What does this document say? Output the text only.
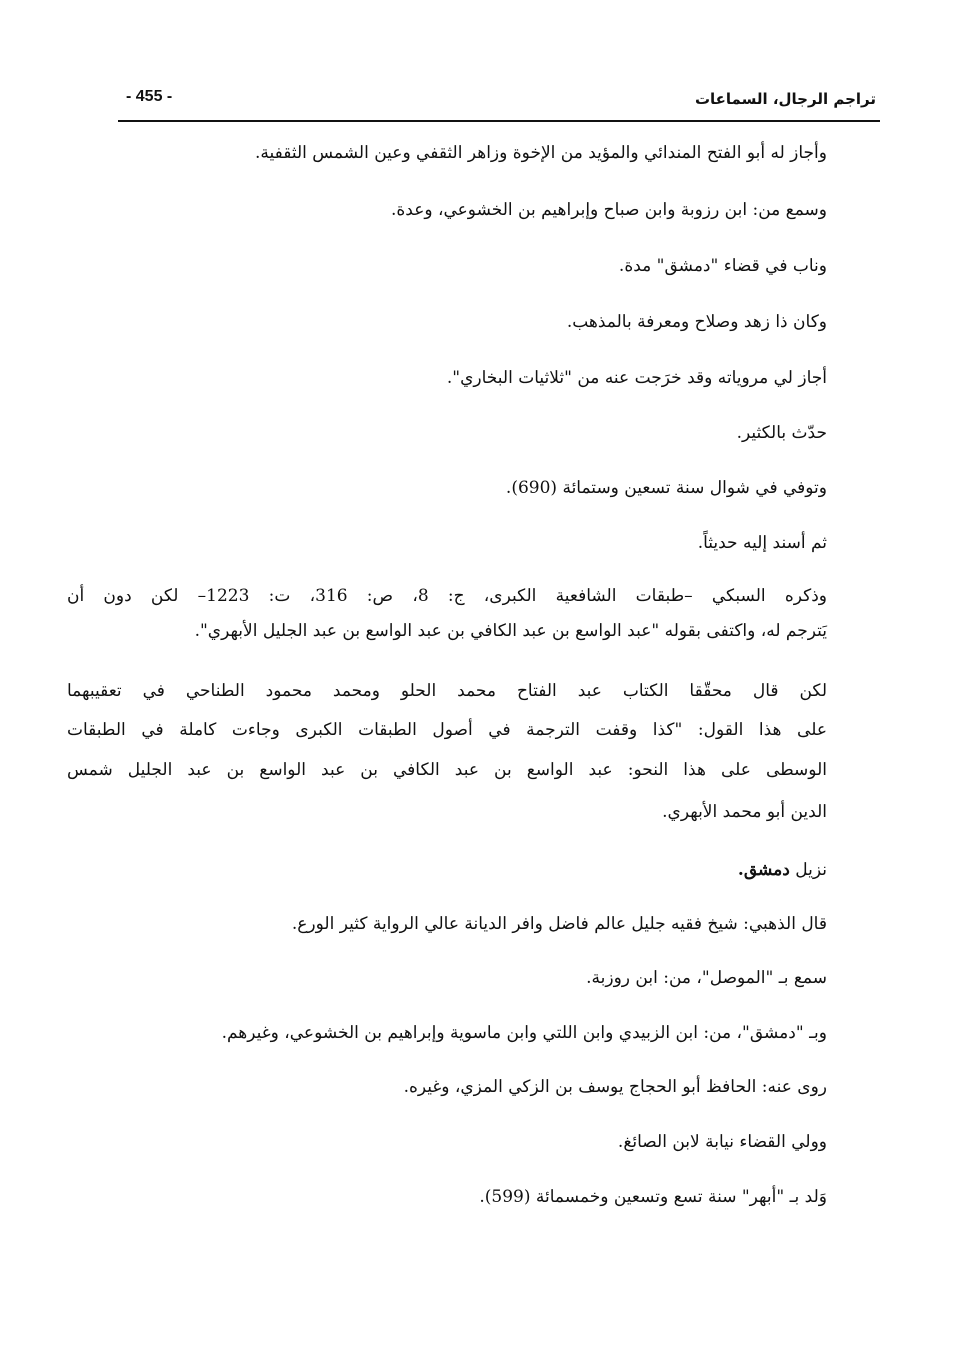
تراجم الرجال، السماعات
- 455 -
وأجاز له أبو الفتح المندائي والمؤيد من الإخوة وزاهر الثقفي وعين الشمس الثقفية.
وسمع من: ابن رزوبة وابن صباح وإبراهيم بن الخشوعي، وعدة.
وناب في قضاء "دمشق" مدة.
وكان ذا زهد وصلاح ومعرفة بالمذهب.
أجاز لي مروياته وقد خرَجت عنه من "ثلاثيات البخاري".
حدّث بالكثير.
وتوفي في شوال سنة تسعين وستمائة (690).
ثم أسند إليه حديثاً.
وذكره السبكي –طبقات الشافعية الكبرى، ج: 8، ص: 316، ت: 1223– لكن دون أن
يَترجم له، واكتفى بقوله "عبد الواسع بن عبد الكافي بن عبد الواسع بن عبد الجليل الأبهري".
لكن قال محقّقا الكتاب عبد الفتاح محمد الحلو ومحمد محمود الطناحي في تعقيبهما
على هذا القول: "كذا وقفت الترجمة في أصول الطبقات الكبرى وجاءت كاملة في الطبقات
الوسطى على هذا النحو: عبد الواسع بن عبد الكافي بن عبد الواسع بن عبد الجليل شمس
الدين أبو محمد الأبهري.
نزيل دمشق.
قال الذهبي: شيخ فقيه جليل عالم فاضل وافر الديانة عالي الرواية كثير الورع.
سمع بـ "الموصل"، من: ابن روزبة.
وبـ "دمشق"، من: ابن الزبيدي وابن اللتي وابن ماسوية وإبراهيم بن الخشوعي، وغيرهم.
روى عنه: الحافظ أبو الحجاج يوسف بن الزكي المزي، وغيره.
وولي القضاء نيابة لابن الصائغ.
وَلد بـ "أبهر" سنة تسع وتسعين وخمسمائة (599).
